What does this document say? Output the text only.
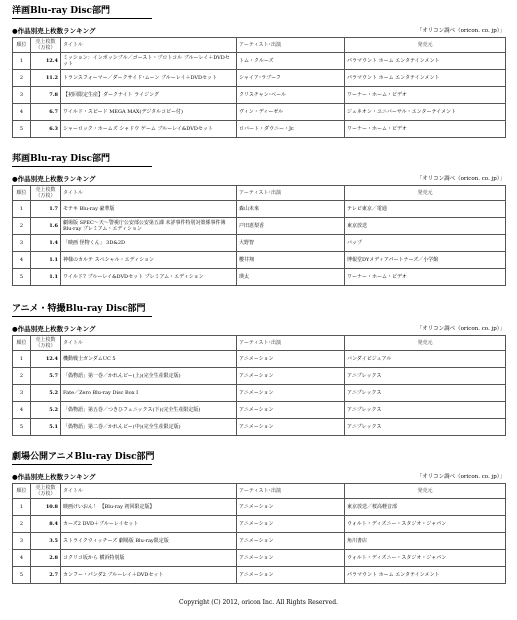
洋画Blu-ray Disc部門
●作品別売上枚数ランキング	「オリコン調べ（oricon. co. jp）」
順位	売上枚数（万枚）	タイトル	アーティスト･出演	発売元
1	12.4	ミッション：インポッシブル／ゴースト・プロトコル ブルーレイ＋DVDセット	トム・クルーズ	パラマウント ホーム エンタテインメント
2	11.2	トランスフォーマー／ダークサイド･ムーン ブルーレイ＋DVDセット	シャイア･ラブーフ	パラマウント ホーム エンタテインメント
3	7.8	【初回限定生産】ダークナイト ライジング	クリスチャン･ベール	ワーナー・ホーム・ビデオ
4	6.7	ワイルド・スピード MEGA MAX(デジタルコピー付)	ヴィン・ディーゼル	ジェネオン・ユニバーサル・エンターテイメント
5	6.3	シャーロック・ホームズ シャドウ ゲーム ブルーレイ&DVDセット	ロバート・ダウニー・Jr.	ワーナー・ホーム・ビデオ
邦画Blu-ray Disc部門
●作品別売上枚数ランキング	「オリコン調べ（oricon. co. jp）」
順位	売上枚数（万枚）	タイトル	アーティスト･出演	発売元
1	1.7	モテキ Blu-ray 豪華版	森山未來	テレビ東京／電通
2	1.6	劇場版 SPEC～天～警視庁公安部公安第五課 未詳事件特別対策係事件簿 Blu-ray プレミアム・エディション	戸田恵梨香	東京放送
3	1.4	「映画 怪物くん」 3D&2D	大野智	バップ
4	1.1	神様のカルテ スペシャル・エディション	櫻井翔	博報堂DYメディアパートナーズ／小学館
5	1.1	ワイルド7 ブルーレイ&DVDセット プレミアム・エディション	瑛太	ワーナー・ホーム・ビデオ
アニメ・特撮Blu-ray Disc部門
●作品別売上枚数ランキング	「オリコン調べ（oricon. co. jp）」
順位	売上枚数（万枚）	タイトル	アーティスト･出演	発売元
1	12.4	機動戦士ガンダムUC 5	アニメーション	バンダイビジュアル
2	5.7	「偽物語」第一巻／かれんビー(上)(完全生産限定版)	アニメーション	アニプレックス
3	5.2	Fate／Zero Blu-ray Disc Box Ⅰ	アニメーション	アニプレックス
4	5.2	「偽物語」第五巻／つきひフェニックス(下)(完全生産限定版)	アニメーション	アニプレックス
5	5.1	「偽物語」第二巻／かれんビー(中)(完全生産限定版)	アニメーション	アニプレックス
劇場公開アニメBlu-ray Disc部門
●作品別売上枚数ランキング	「オリコン調べ（oricon. co. jp）」
順位	売上枚数（万枚）	タイトル	アーティスト･出演	発売元
1	10.8	映画けいおん！ 【Blu-ray 初回限定版】	アニメーション	東京放送／桜高軽音部
2	8.4	カーズ2 DVD＋ブルーレイセット	アニメーション	ウォルト・ディズニー・スタジオ・ジャパン
3	3.5	ストライクウィッチーズ 劇場版 Blu-ray限定版	アニメーション	角川書店
4	2.8	コクリコ坂から 横浜特別版	アニメーション	ウォルト・ディズニー・スタジオ・ジャパン
5	2.7	カンフー・パンダ2 ブルーレイ＋DVDセット	アニメーション	パラマウント ホーム エンタテインメント
Copyright (C) 2012, oricon Inc. All Rights Reserved.
